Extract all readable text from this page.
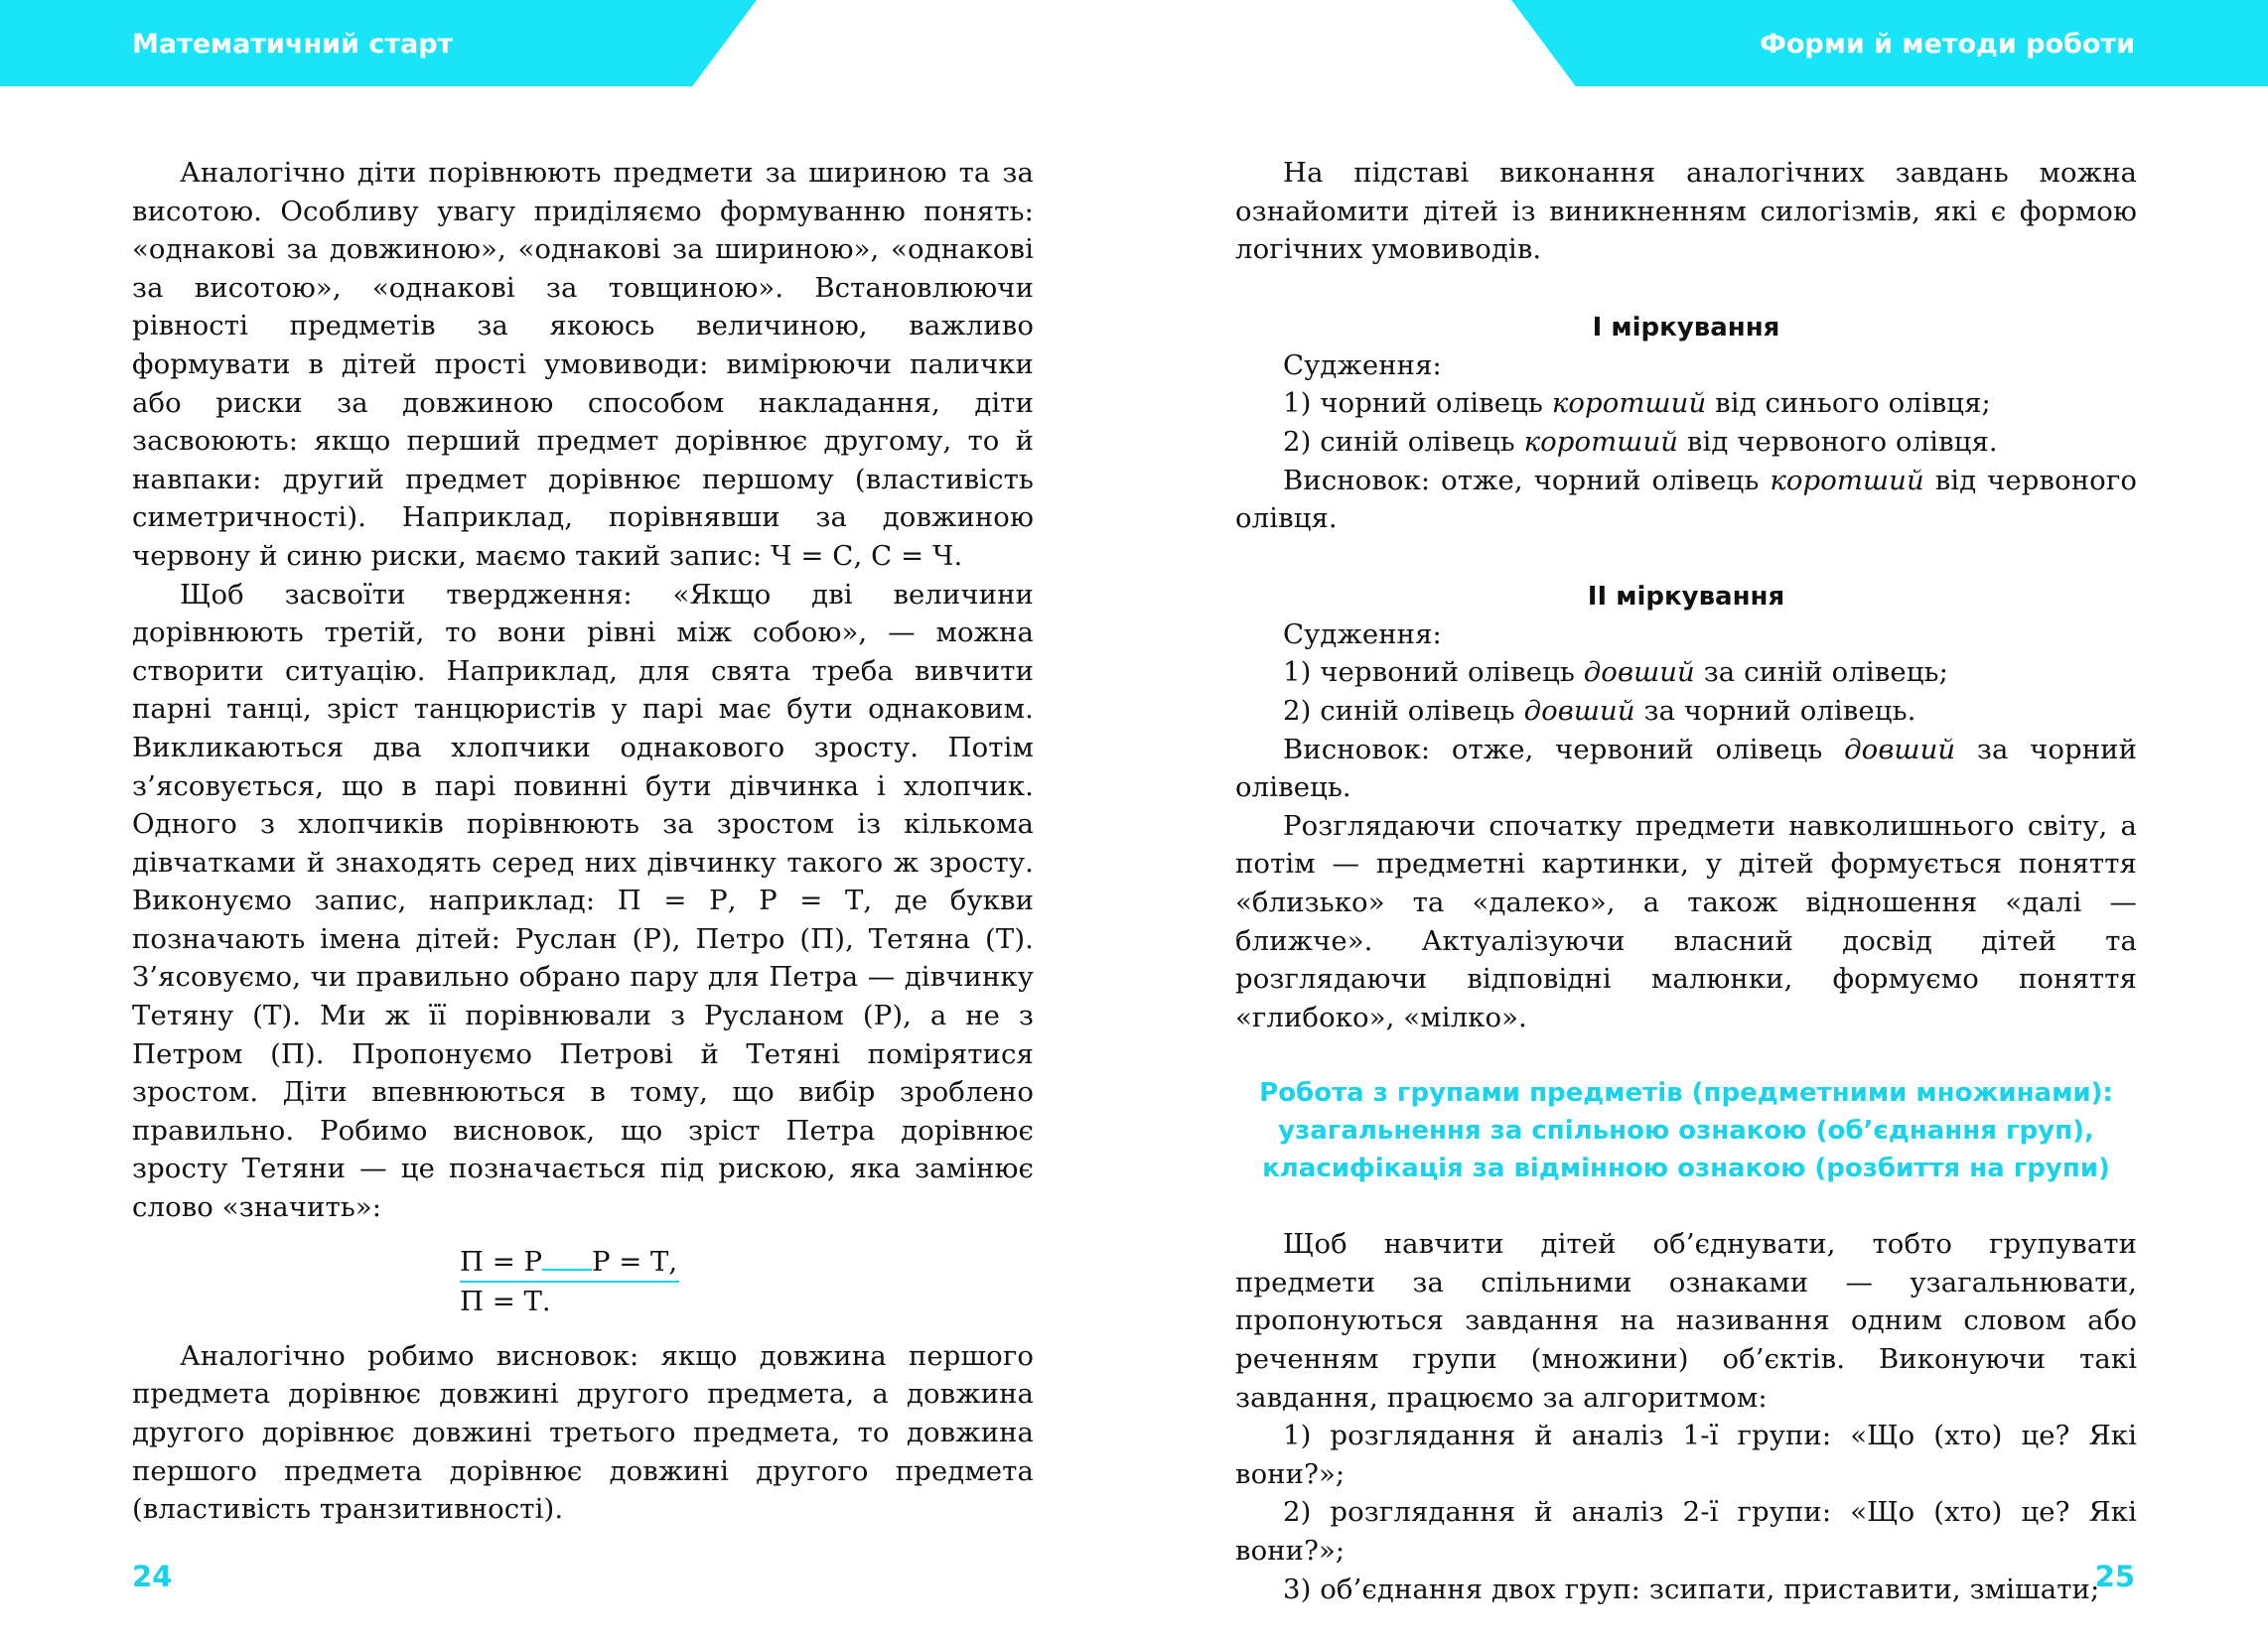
Математичний старт	Форми й методи роботи

Аналогічно діти порівнюють предмети за шириною та за висотою. Особливу увагу приділяємо формуванню понять: «однакові за довжиною», «однакові за шириною», «однакові за висотою», «однакові за товщиною». Встановлюючи рівності предметів за якоюсь величиною, важливо формувати в дітей прості умовиводи: вимірюючи палички або риски за довжиною способом накладання, діти засвоюють: якщо перший предмет дорівнює другому, то й навпаки: другий предмет дорівнює першому (властивість симетричності). Наприклад, порівнявши за довжиною червону й синю риски, маємо такий запис: Ч = С, С = Ч.

Щоб засвоїти твердження: «Якщо дві величини дорівнюють третій, то вони рівні між собою», — можна створити ситуацію. Наприклад, для свята треба вивчити парні танці, зріст танцюристів у парі має бути однаковим. Викликаються два хлопчики однакового зросту. Потім з’ясовується, що в парі повинні бути дівчинка і хлопчик. Одного з хлопчиків порівнюють за зростом із кількома дівчатками й знаходять серед них дівчинку такого ж зросту. Виконуємо запис, наприклад: П = Р, Р = Т, де букви позначають імена дітей: Руслан (Р), Петро (П), Тетяна (Т). З’ясовуємо, чи правильно обрано пару для Петра — дівчинку Тетяну (Т). Ми ж її порівнювали з Русланом (Р), а не з Петром (П). Пропонуємо Петрові й Тетяні помірятися зростом. Діти впевнюються в тому, що вибір зроблено правильно. Робимо висновок, що зріст Петра дорівнює зросту Тетяни — це позначається під рискою, яка замінює слово «значить»:

П = Р Р = Т,
П = Т.

Аналогічно робимо висновок: якщо довжина першого предмета дорівнює довжині другого предмета, а довжина другого дорівнює довжині третього предмета, то довжина першого предмета дорівнює довжині другого предмета (властивість транзитивності).

На підставі виконання аналогічних завдань можна ознайомити дітей із виникненням силогізмів, які є формою логічних умовиводів.

І міркування

Судження:

1) чорний олівець коротший від синього олівця;

2) синій олівець коротший від червоного олівця.

Висновок: отже, чорний олівець коротший від червоного олівця.

ІІ міркування

Судження:

1) червоний олівець довший за синій олівець;

2) синій олівець довший за чорний олівець.

Висновок: отже, червоний олівець довший за чорний олівець.

Розглядаючи спочатку предмети навколишнього світу, а потім — предметні картинки, у дітей формується поняття «близько» та «далеко», а також відношення «далі — ближче». Актуалізуючи власний досвід дітей та розглядаючи відповідні малюнки, формуємо поняття «глибоко», «мілко».

Робота з групами предметів (предметними множинами):
узагальнення за спільною ознакою (об’єднання груп),
класифікація за відмінною ознакою (розбиття на групи)

Щоб навчити дітей об’єднувати, тобто групувати предмети за спільними ознаками — узагальнювати, пропонуються завдання на називання одним словом або реченням групи (множини) об’єктів. Виконуючи такі завдання, працюємо за алгоритмом:

1) розглядання й аналіз 1-ї групи: «Що (хто) це? Які вони?»;

2) розглядання й аналіз 2-ї групи: «Що (хто) це? Які вони?»;

3) об’єднання двох груп: зсипати, приставити, змішати;

24	25
